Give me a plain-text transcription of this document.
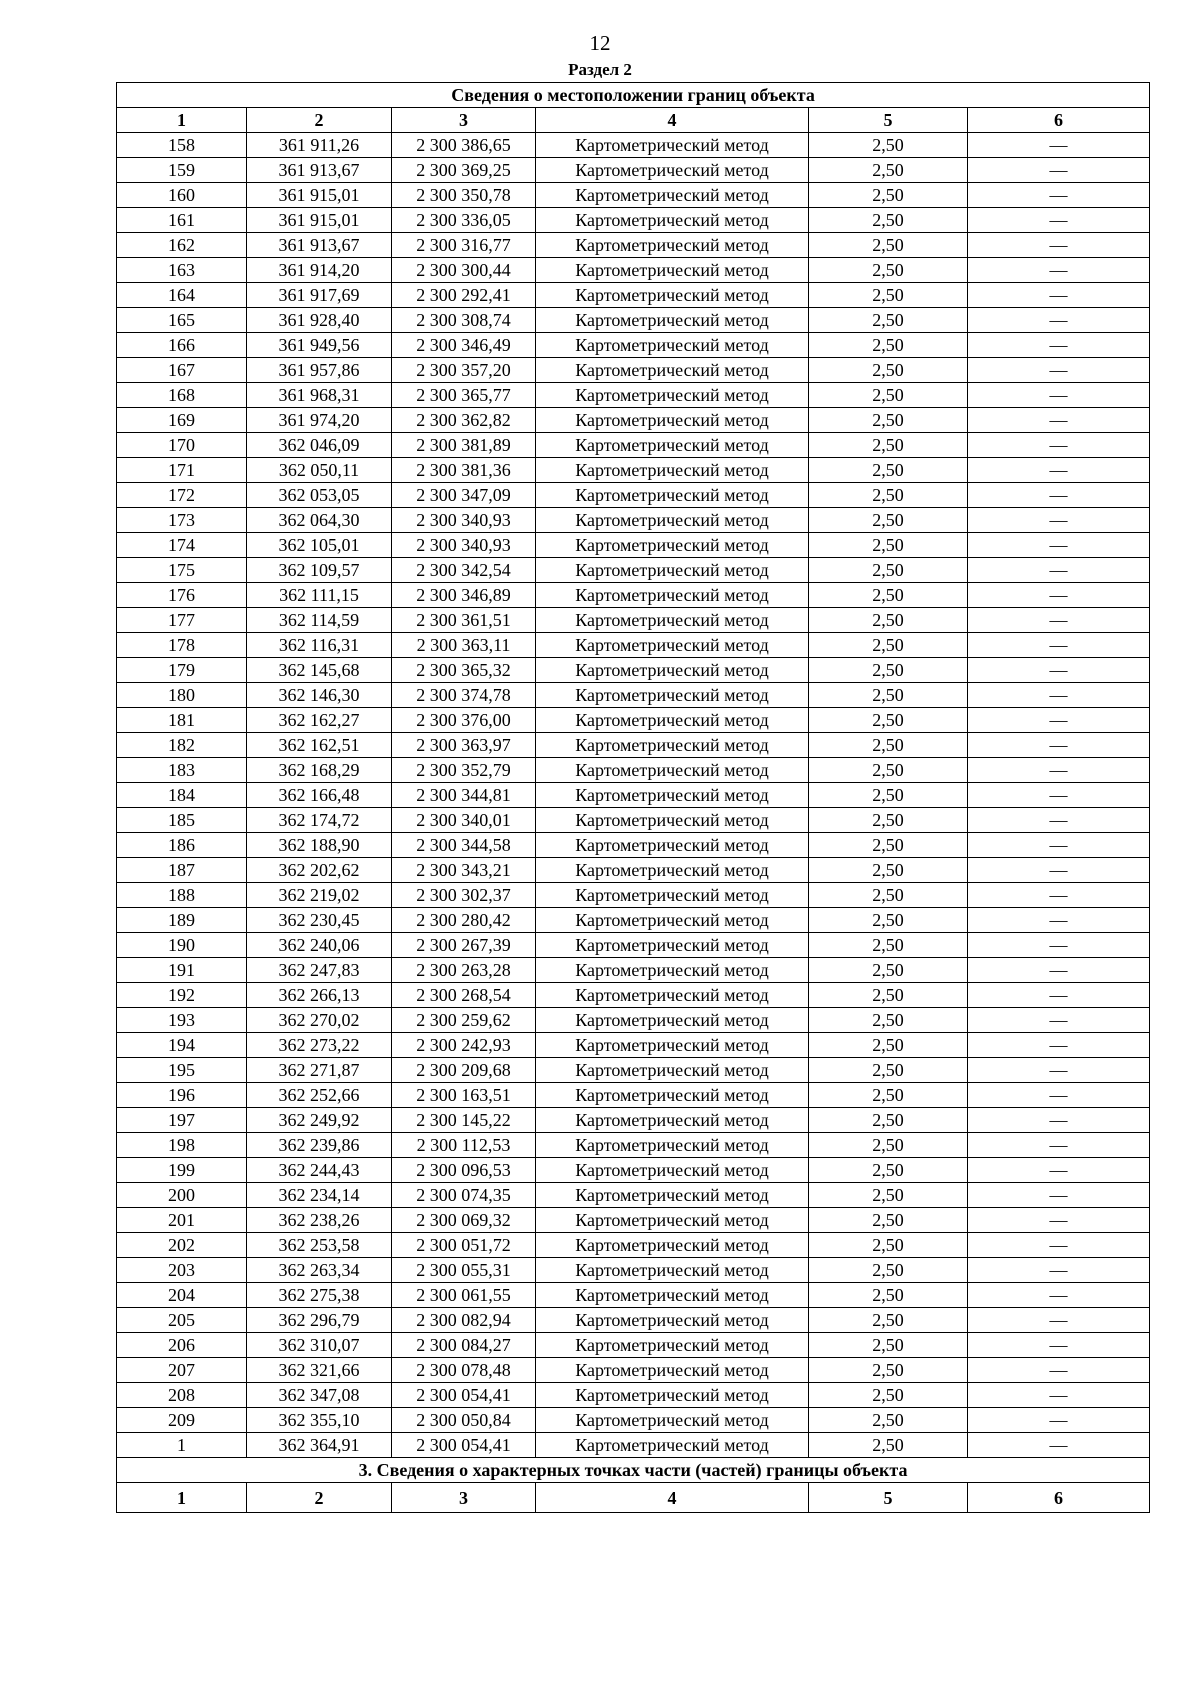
12
Раздел 2
Сведения о местоположении границ объекта					
1	2	3	4	5	6
158	361 911,26	2 300 386,65	Картометрический метод	2,50	—
159	361 913,67	2 300 369,25	Картометрический метод	2,50	—
160	361 915,01	2 300 350,78	Картометрический метод	2,50	—
161	361 915,01	2 300 336,05	Картометрический метод	2,50	—
162	361 913,67	2 300 316,77	Картометрический метод	2,50	—
163	361 914,20	2 300 300,44	Картометрический метод	2,50	—
164	361 917,69	2 300 292,41	Картометрический метод	2,50	—
165	361 928,40	2 300 308,74	Картометрический метод	2,50	—
166	361 949,56	2 300 346,49	Картометрический метод	2,50	—
167	361 957,86	2 300 357,20	Картометрический метод	2,50	—
168	361 968,31	2 300 365,77	Картометрический метод	2,50	—
169	361 974,20	2 300 362,82	Картометрический метод	2,50	—
170	362 046,09	2 300 381,89	Картометрический метод	2,50	—
171	362 050,11	2 300 381,36	Картометрический метод	2,50	—
172	362 053,05	2 300 347,09	Картометрический метод	2,50	—
173	362 064,30	2 300 340,93	Картометрический метод	2,50	—
174	362 105,01	2 300 340,93	Картометрический метод	2,50	—
175	362 109,57	2 300 342,54	Картометрический метод	2,50	—
176	362 111,15	2 300 346,89	Картометрический метод	2,50	—
177	362 114,59	2 300 361,51	Картометрический метод	2,50	—
178	362 116,31	2 300 363,11	Картометрический метод	2,50	—
179	362 145,68	2 300 365,32	Картометрический метод	2,50	—
180	362 146,30	2 300 374,78	Картометрический метод	2,50	—
181	362 162,27	2 300 376,00	Картометрический метод	2,50	—
182	362 162,51	2 300 363,97	Картометрический метод	2,50	—
183	362 168,29	2 300 352,79	Картометрический метод	2,50	—
184	362 166,48	2 300 344,81	Картометрический метод	2,50	—
185	362 174,72	2 300 340,01	Картометрический метод	2,50	—
186	362 188,90	2 300 344,58	Картометрический метод	2,50	—
187	362 202,62	2 300 343,21	Картометрический метод	2,50	—
188	362 219,02	2 300 302,37	Картометрический метод	2,50	—
189	362 230,45	2 300 280,42	Картометрический метод	2,50	—
190	362 240,06	2 300 267,39	Картометрический метод	2,50	—
191	362 247,83	2 300 263,28	Картометрический метод	2,50	—
192	362 266,13	2 300 268,54	Картометрический метод	2,50	—
193	362 270,02	2 300 259,62	Картометрический метод	2,50	—
194	362 273,22	2 300 242,93	Картометрический метод	2,50	—
195	362 271,87	2 300 209,68	Картометрический метод	2,50	—
196	362 252,66	2 300 163,51	Картометрический метод	2,50	—
197	362 249,92	2 300 145,22	Картометрический метод	2,50	—
198	362 239,86	2 300 112,53	Картометрический метод	2,50	—
199	362 244,43	2 300 096,53	Картометрический метод	2,50	—
200	362 234,14	2 300 074,35	Картометрический метод	2,50	—
201	362 238,26	2 300 069,32	Картометрический метод	2,50	—
202	362 253,58	2 300 051,72	Картометрический метод	2,50	—
203	362 263,34	2 300 055,31	Картометрический метод	2,50	—
204	362 275,38	2 300 061,55	Картометрический метод	2,50	—
205	362 296,79	2 300 082,94	Картометрический метод	2,50	—
206	362 310,07	2 300 084,27	Картометрический метод	2,50	—
207	362 321,66	2 300 078,48	Картометрический метод	2,50	—
208	362 347,08	2 300 054,41	Картометрический метод	2,50	—
209	362 355,10	2 300 050,84	Картометрический метод	2,50	—
1	362 364,91	2 300 054,41	Картометрический метод	2,50	—
3. Сведения о характерных точках части (частей) границы объекта					
1	2	3	4	5	6
